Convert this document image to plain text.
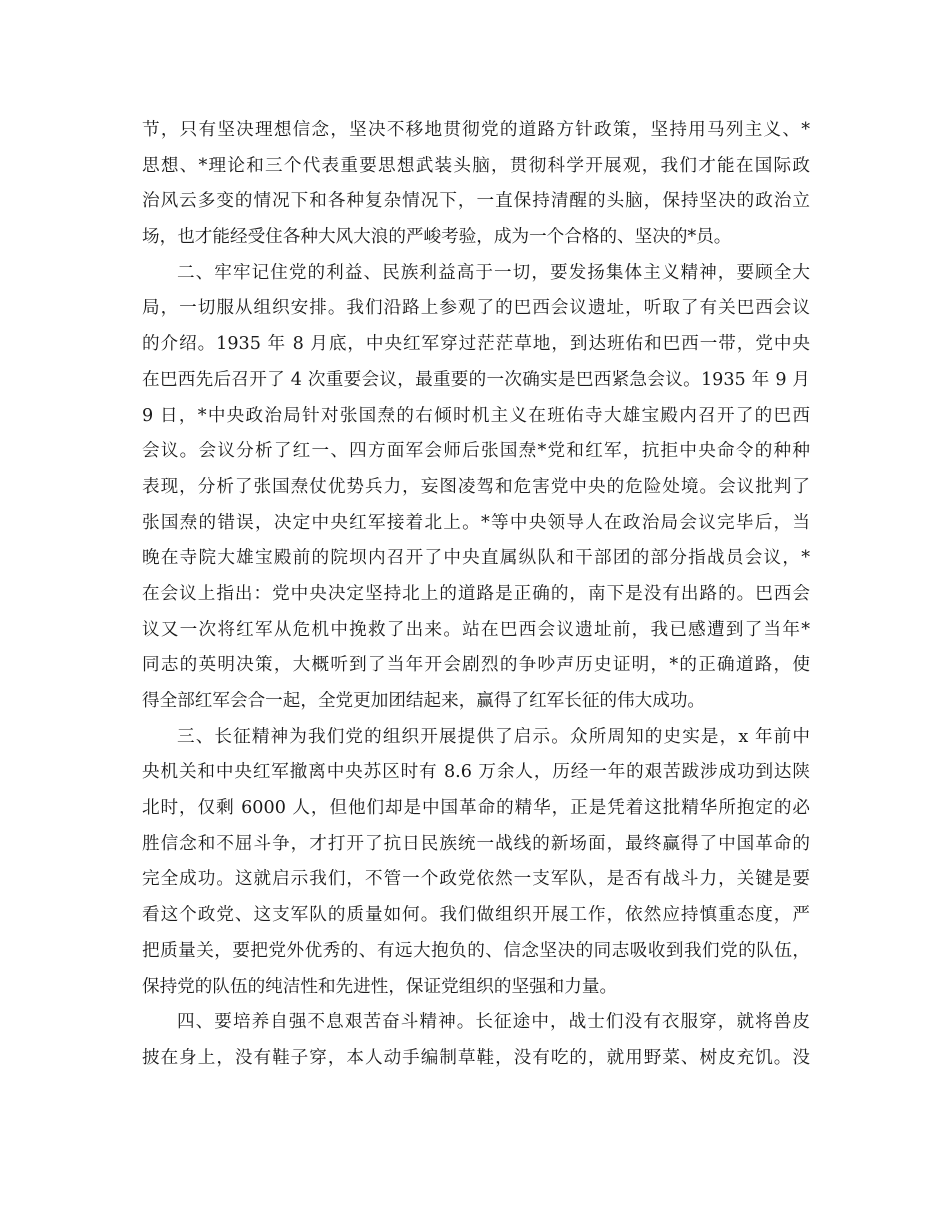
节，只有坚决理想信念，坚决不移地贯彻党的道路方针政策，坚持用马列主义、*
思想、*理论和三个代表重要思想武装头脑，贯彻科学开展观，我们才能在国际政
治风云多变的情况下和各种复杂情况下，一直保持清醒的头脑，保持坚决的政治立
场，也才能经受住各种大风大浪的严峻考验，成为一个合格的、坚决的*员。
二、牢牢记住党的利益、民族利益高于一切，要发扬集体主义精神，要顾全大
局，一切服从组织安排。我们沿路上参观了的巴西会议遗址，听取了有关巴西会议
的介绍。1935 年 8 月底，中央红军穿过茫茫草地，到达班佑和巴西一带，党中央
在巴西先后召开了 4 次重要会议，最重要的一次确实是巴西紧急会议。1935 年 9 月
9 日，*中央政治局针对张国焘的右倾时机主义在班佑寺大雄宝殿内召开了的巴西
会议。会议分析了红一、四方面军会师后张国焘*党和红军，抗拒中央命令的种种
表现，分析了张国焘仗优势兵力，妄图凌驾和危害党中央的危险处境。会议批判了
张国焘的错误，决定中央红军接着北上。*等中央领导人在政治局会议完毕后，当
晚在寺院大雄宝殿前的院坝内召开了中央直属纵队和干部团的部分指战员会议，*
在会议上指出：党中央决定坚持北上的道路是正确的，南下是没有出路的。巴西会
议又一次将红军从危机中挽救了出来。站在巴西会议遗址前，我已感遭到了当年*
同志的英明决策，大概听到了当年开会剧烈的争吵声历史证明，*的正确道路，使
得全部红军会合一起，全党更加团结起来，赢得了红军长征的伟大成功。
三、长征精神为我们党的组织开展提供了启示。众所周知的史实是，x 年前中
央机关和中央红军撤离中央苏区时有 8.6 万余人，历经一年的艰苦跋涉成功到达陕
北时，仅剩 6000 人，但他们却是中国革命的精华，正是凭着这批精华所抱定的必
胜信念和不屈斗争，才打开了抗日民族统一战线的新场面，最终赢得了中国革命的
完全成功。这就启示我们，不管一个政党依然一支军队，是否有战斗力，关键是要
看这个政党、这支军队的质量如何。我们做组织开展工作，依然应持慎重态度，严
把质量关，要把党外优秀的、有远大抱负的、信念坚决的同志吸收到我们党的队伍，
保持党的队伍的纯洁性和先进性，保证党组织的坚强和力量。
四、要培养自强不息艰苦奋斗精神。长征途中，战士们没有衣服穿，就将兽皮
披在身上，没有鞋子穿，本人动手编制草鞋，没有吃的，就用野菜、树皮充饥。没
